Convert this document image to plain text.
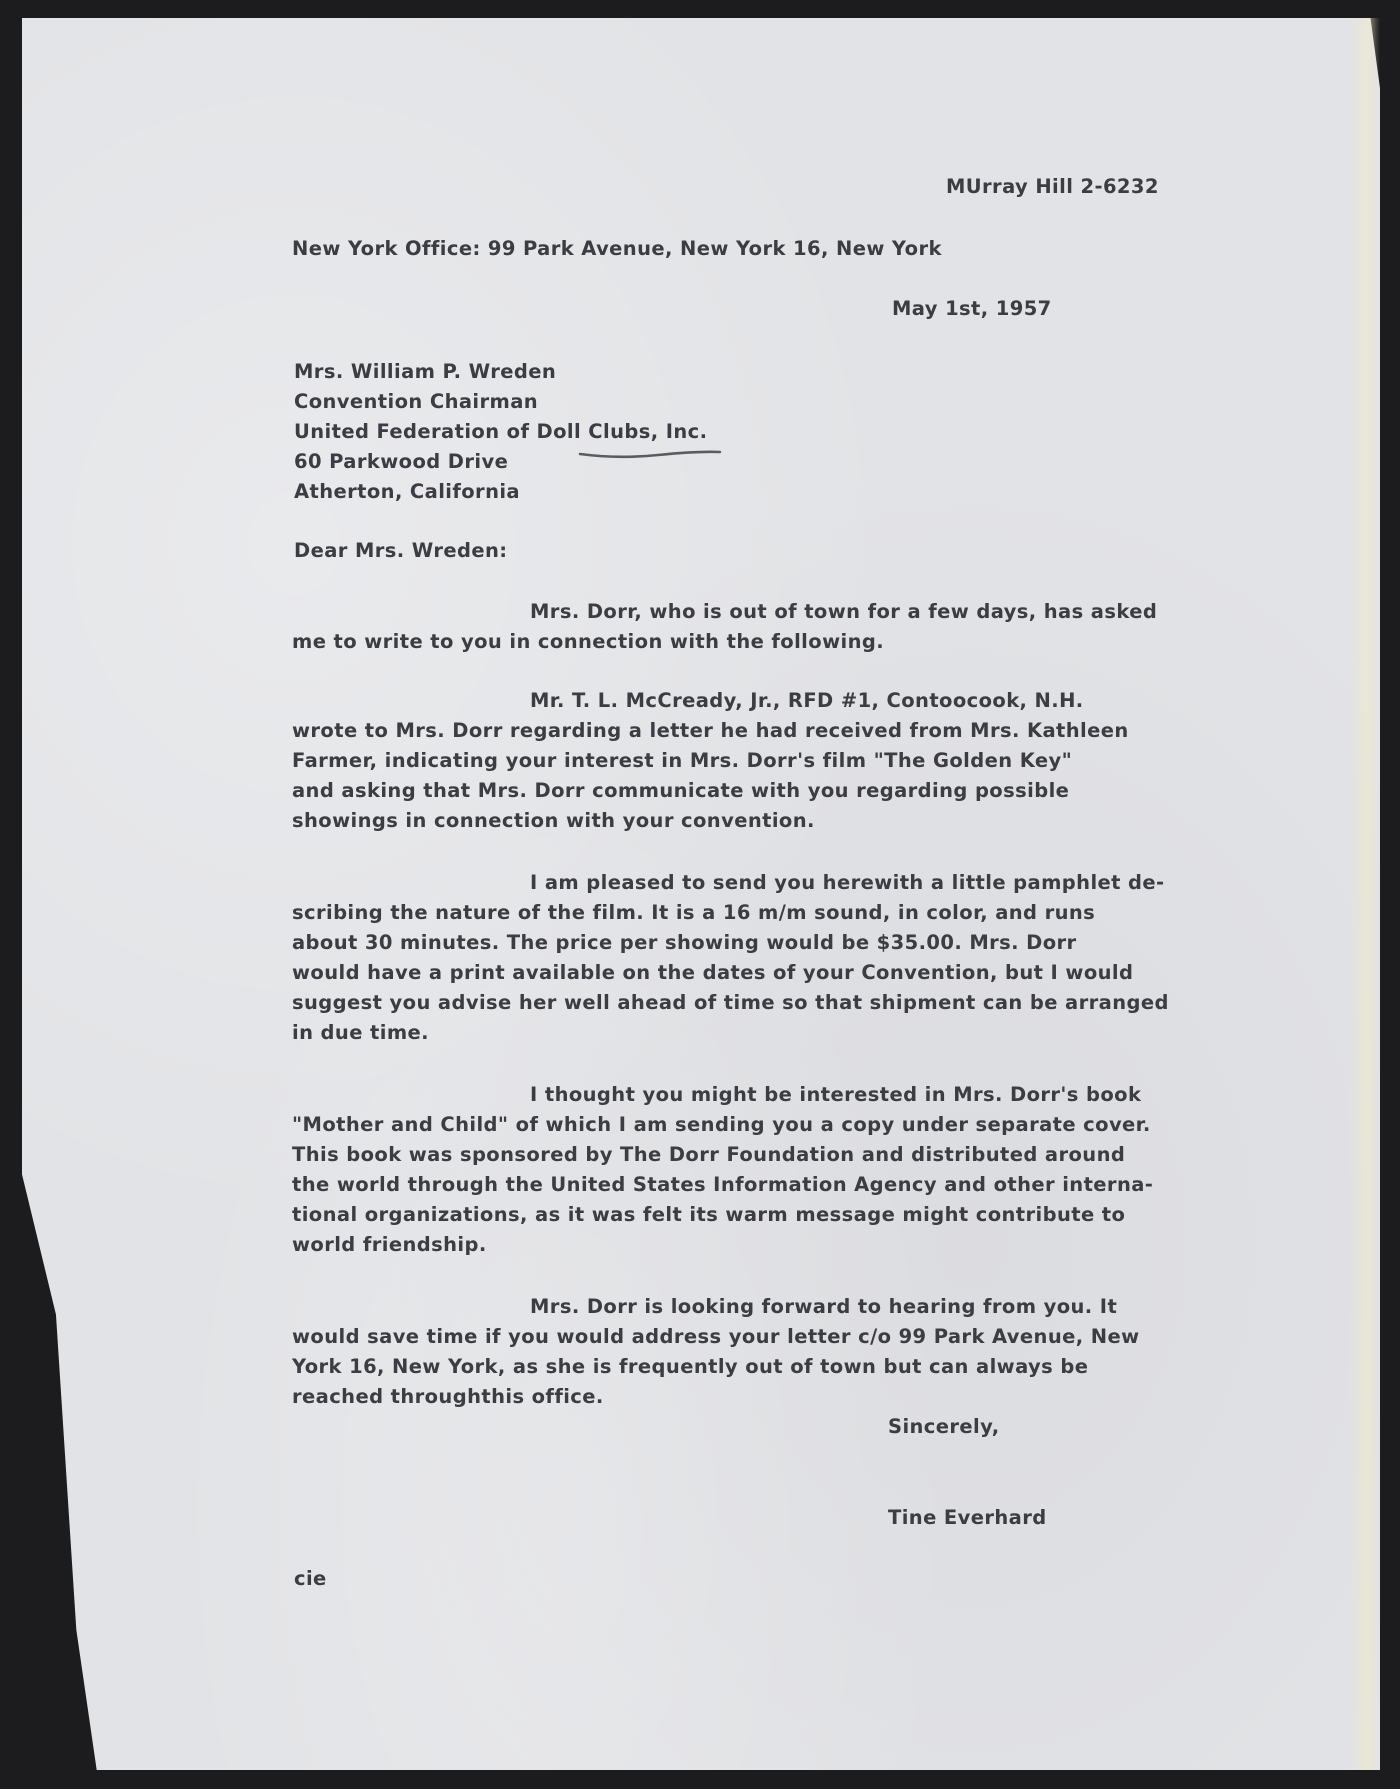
MUrray Hill 2-6232
New York Office: 99 Park Avenue, New York 16, New York
May 1st, 1957
Mrs. William P. Wreden
Convention Chairman
United Federation of Doll Clubs, Inc.
60 Parkwood Drive
Atherton, California
Dear Mrs. Wreden:
Mrs. Dorr, who is out of town for a few days, has asked
me to write to you in connection with the following.
Mr. T. L. McCready, Jr., RFD #1, Contoocook, N.H.
wrote to Mrs. Dorr regarding a letter he had received from Mrs. Kathleen
Farmer, indicating your interest in Mrs. Dorr's film "The Golden Key"
and asking that Mrs. Dorr communicate with you regarding possible
showings in connection with your convention.
I am pleased to send you herewith a little pamphlet de-
scribing the nature of the film. It is a 16 m/m sound, in color, and runs
about 30 minutes. The price per showing would be $35.00. Mrs. Dorr
would have a print available on the dates of your Convention, but I would
suggest you advise her well ahead of time so that shipment can be arranged
in due time.
I thought you might be interested in Mrs. Dorr's book
"Mother and Child" of which I am sending you a copy under separate cover.
This book was sponsored by The Dorr Foundation and distributed around
the world through the United States Information Agency and other interna-
tional organizations, as it was felt its warm message might contribute to
world friendship.
Mrs. Dorr is looking forward to hearing from you. It
would save time if you would address your letter c/o 99 Park Avenue, New
York 16, New York, as she is frequently out of town but can always be
reached throughthis office.
Sincerely,
Tine Everhard
cie
